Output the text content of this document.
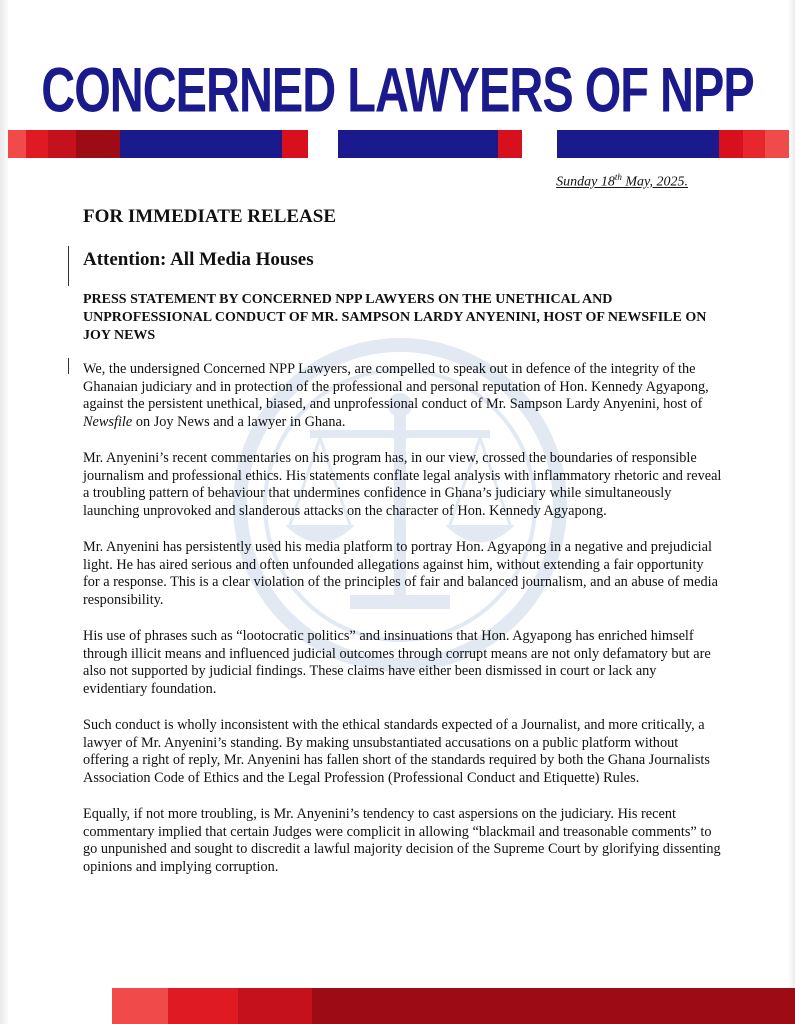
CONCERNED LAWYERS OF NPP
Sunday 18th May, 2025.
FOR IMMEDIATE RELEASE
Attention: All Media Houses
PRESS STATEMENT BY CONCERNED NPP LAWYERS ON THE UNETHICAL AND UNPROFESSIONAL CONDUCT OF MR. SAMPSON LARDY ANYENINI, HOST OF NEWSFILE ON JOY NEWS

We, the undersigned Concerned NPP Lawyers, are compelled to speak out in defence of the integrity of the Ghanaian judiciary and in protection of the professional and personal reputation of Hon. Kennedy Agyapong, against the persistent unethical, biased, and unprofessional conduct of Mr. Sampson Lardy Anyenini, host of Newsfile on Joy News and a lawyer in Ghana.

Mr. Anyenini’s recent commentaries on his program has, in our view, crossed the boundaries of responsible journalism and professional ethics. His statements conflate legal analysis with inflammatory rhetoric and reveal a troubling pattern of behaviour that undermines confidence in Ghana’s judiciary while simultaneously launching unprovoked and slanderous attacks on the character of Hon. Kennedy Agyapong.

Mr. Anyenini has persistently used his media platform to portray Hon. Agyapong in a negative and prejudicial light. He has aired serious and often unfounded allegations against him, without extending a fair opportunity for a response. This is a clear violation of the principles of fair and balanced journalism, and an abuse of media responsibility.

His use of phrases such as “lootocratic politics” and insinuations that Hon. Agyapong has enriched himself through illicit means and influenced judicial outcomes through corrupt means are not only defamatory but are also not supported by judicial findings. These claims have either been dismissed in court or lack any evidentiary foundation.

Such conduct is wholly inconsistent with the ethical standards expected of a Journalist, and more critically, a lawyer of Mr. Anyenini’s standing. By making unsubstantiated accusations on a public platform without offering a right of reply, Mr. Anyenini has fallen short of the standards required by both the Ghana Journalists Association Code of Ethics and the Legal Profession (Professional Conduct and Etiquette) Rules.

Equally, if not more troubling, is Mr. Anyenini’s tendency to cast aspersions on the judiciary. His recent commentary implied that certain Judges were complicit in allowing “blackmail and treasonable comments” to go unpunished and sought to discredit a lawful majority decision of the Supreme Court by glorifying dissenting opinions and implying corruption.
